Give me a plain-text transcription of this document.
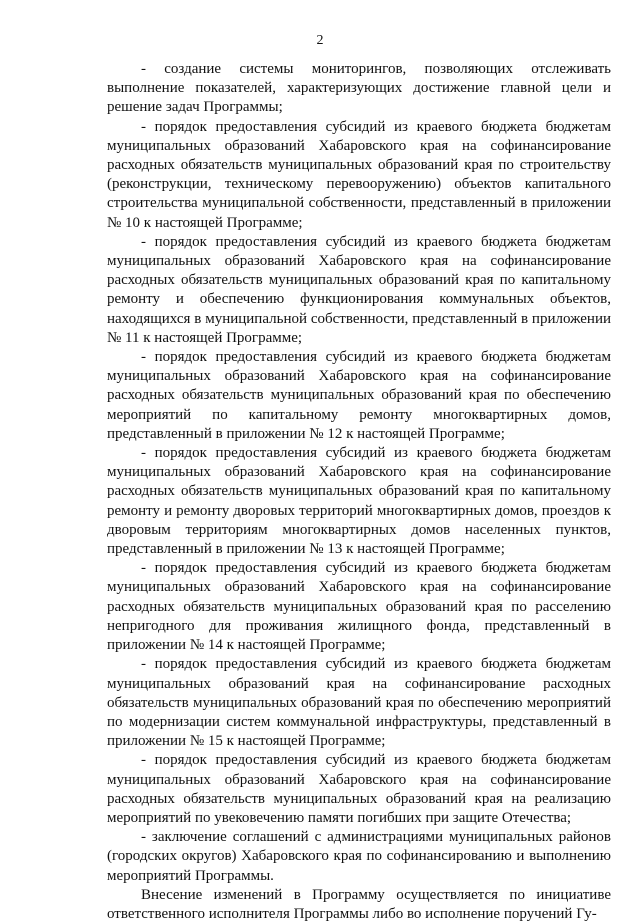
2

- создание системы мониторингов, позволяющих отслеживать выполнение показателей, характеризующих достижение главной цели и решение задач Программы;

- порядок предоставления субсидий из краевого бюджета бюджетам муниципальных образований Хабаровского края на софинансирование расходных обязательств муниципальных образований края по строительству (реконструкции, техническому перевооружению) объектов капитального строительства муниципальной собственности, представленный в приложении № 10 к настоящей Программе;

- порядок предоставления субсидий из краевого бюджета бюджетам муниципальных образований Хабаровского края на софинансирование расходных обязательств муниципальных образований края по капитальному ремонту и обеспечению функционирования коммунальных объектов, находящихся в муниципальной собственности, представленный в приложении № 11 к настоящей Программе;

- порядок предоставления субсидий из краевого бюджета бюджетам муниципальных образований Хабаровского края на софинансирование расходных обязательств муниципальных образований края по обеспечению мероприятий по капитальному ремонту многоквартирных домов, представленный в приложении № 12 к настоящей Программе;

- порядок предоставления субсидий из краевого бюджета бюджетам муниципальных образований Хабаровского края на софинансирование расходных обязательств муниципальных образований края по капитальному ремонту и ремонту дворовых территорий многоквартирных домов, проездов к дворовым территориям многоквартирных домов населенных пунктов, представленный в приложении № 13 к настоящей Программе;

- порядок предоставления субсидий из краевого бюджета бюджетам муниципальных образований Хабаровского края на софинансирование расходных обязательств муниципальных образований края по расселению непригодного для проживания жилищного фонда, представленный в приложении № 14 к настоящей Программе;

- порядок предоставления субсидий из краевого бюджета бюджетам муниципальных образований края на софинансирование расходных обязательств муниципальных образований края по обеспечению мероприятий по модернизации систем коммунальной инфраструктуры, представленный в приложении № 15 к настоящей Программе;

- порядок предоставления субсидий из краевого бюджета бюджетам муниципальных образований Хабаровского края на софинансирование расходных обязательств муниципальных образований края на реализацию мероприятий по увековечению памяти погибших при защите Отечества;

- заключение соглашений с администрациями муниципальных районов (городских округов) Хабаровского края по софинансированию и выполнению мероприятий Программы.

Внесение изменений в Программу осуществляется по инициативе ответственного исполнителя Программы либо во исполнение поручений Гу-
